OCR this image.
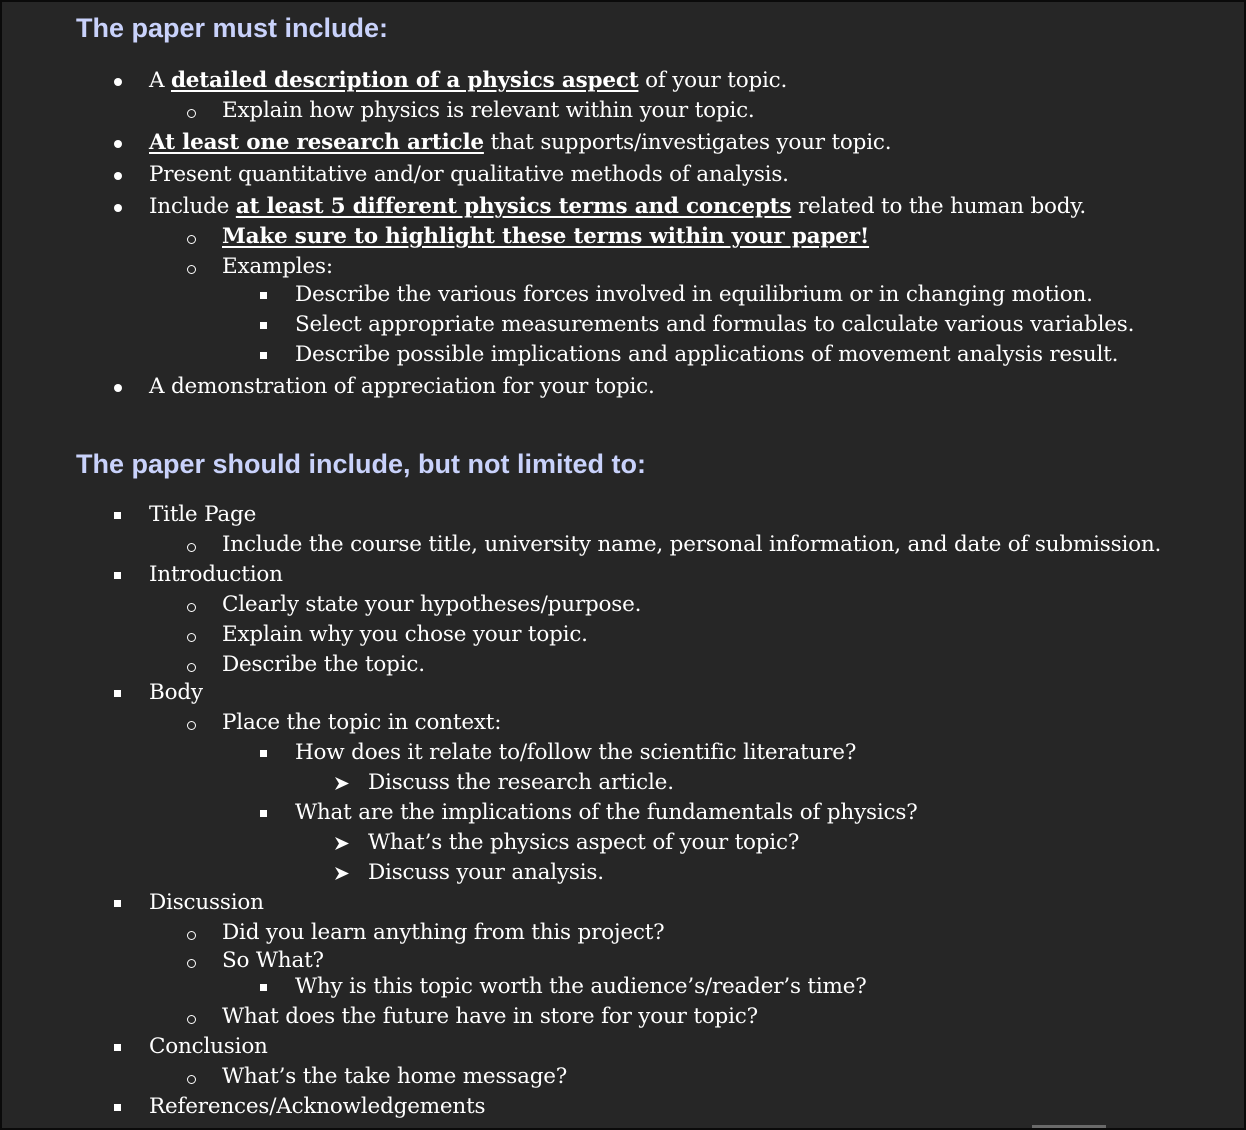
The paper must include:
A detailed description of a physics aspect of your topic.
Explain how physics is relevant within your topic.
At least one research article that supports/investigates your topic.
Present quantitative and/or qualitative methods of analysis.
Include at least 5 different physics terms and concepts related to the human body.
Make sure to highlight these terms within your paper!
Examples:
Describe the various forces involved in equilibrium or in changing motion.
Select appropriate measurements and formulas to calculate various variables.
Describe possible implications and applications of movement analysis result.
A demonstration of appreciation for your topic.
The paper should include, but not limited to:
Title Page
Include the course title, university name, personal information, and date of submission.
Introduction
Clearly state your hypotheses/purpose.
Explain why you chose your topic.
Describe the topic.
Body
Place the topic in context:
How does it relate to/follow the scientific literature?
Discuss the research article.
What are the implications of the fundamentals of physics?
What’s the physics aspect of your topic?
Discuss your analysis.
Discussion
Did you learn anything from this project?
So What?
Why is this topic worth the audience’s/reader’s time?
What does the future have in store for your topic?
Conclusion
What’s the take home message?
References/Acknowledgements
